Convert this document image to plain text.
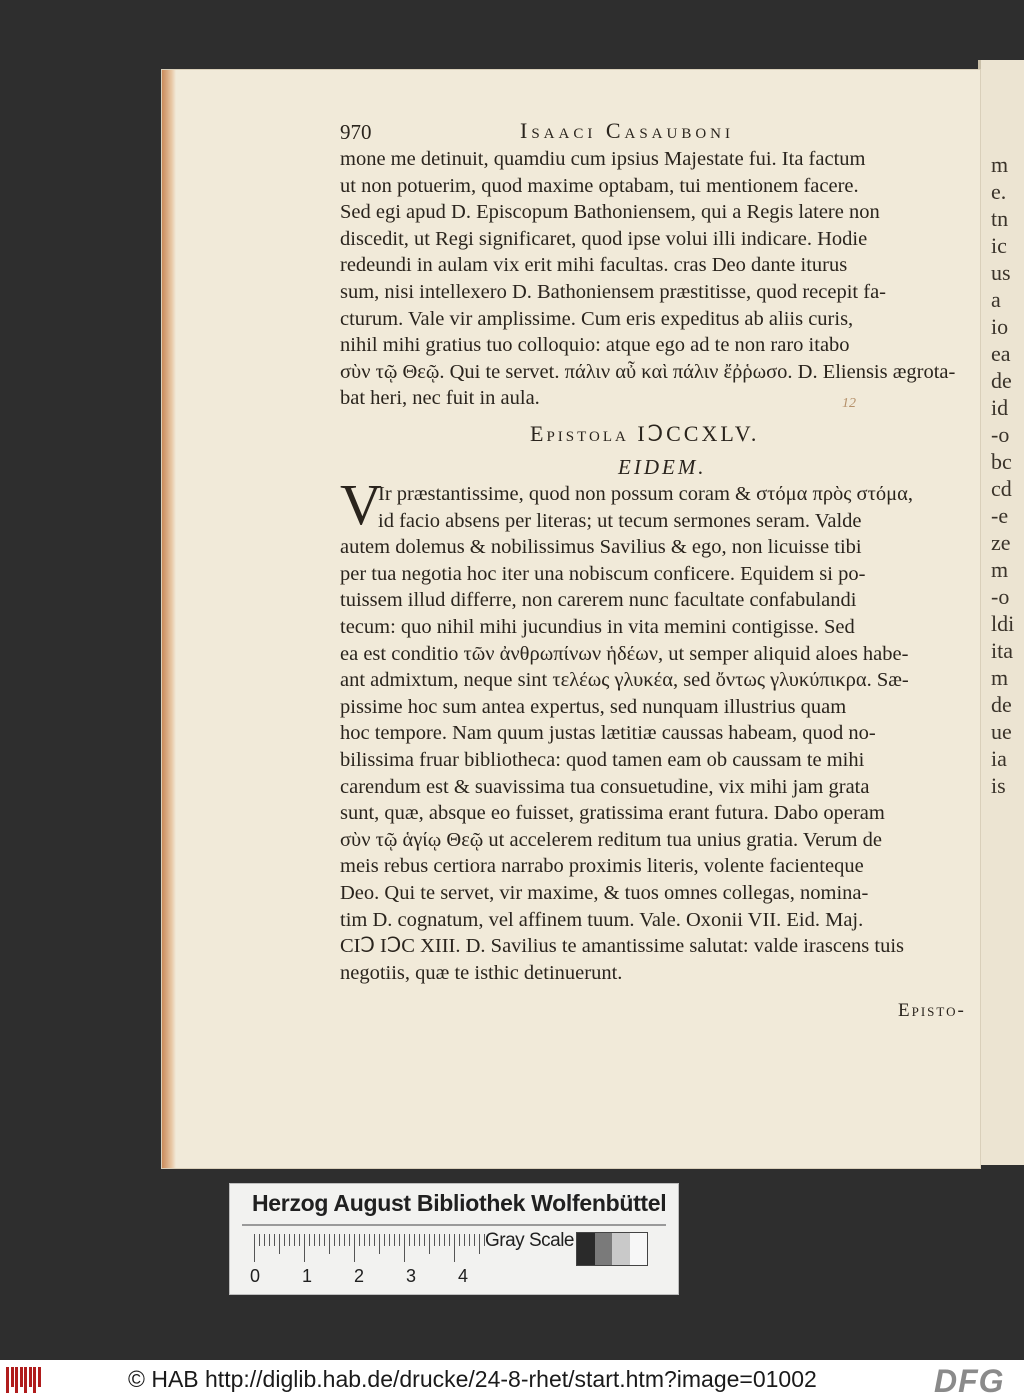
m
e.
tn
ic
us
a
io
ea
de
id
-o
bc
cd
-e
ze
m
-o
ldi
ita
m
de
ue
ia
is
970	Isaaci Casauboni
mone me detinuit, quamdiu cum ipsius Majestate fui. Ita factum
ut non potuerim, quod maxime optabam, tui mentionem facere.
Sed egi apud D. Episcopum Bathoniensem, qui a Regis latere non
discedit, ut Regi significaret, quod ipse volui illi indicare. Hodie
redeundi in aulam vix erit mihi facultas. cras Deo dante iturus
sum, nisi intellexero D. Bathoniensem præstitisse, quod recepit fa-
cturum. Vale vir amplissime. Cum eris expeditus ab aliis curis,
nihil mihi gratius tuo colloquio: atque ego ad te non raro itabo
σὺν τῷ Θεῷ. Qui te servet. πάλιν αὖ καὶ πάλιν ἔῤῥωσο. D. Eliensis ægrota-
bat heri, nec fuit in aula.	12
Epistola IↃCCXLV.
EIDEM.
V
Ir præstantissime, quod non possum coram & στόμα πρὸς στόμα,
id facio absens per literas; ut tecum sermones seram. Valde
autem dolemus & nobilissimus Savilius & ego, non licuisse tibi
per tua negotia hoc iter una nobiscum conficere. Equidem si po-
tuissem illud differre, non carerem nunc facultate confabulandi
tecum: quo nihil mihi jucundius in vita memini contigisse. Sed
ea est conditio τῶν ἀνθρωπίνων ἡδέων, ut semper aliquid aloes habe-
ant admixtum, neque sint τελέως γλυκέα, sed ὄντως γλυκύπικρα. Sæ-
pissime hoc sum antea expertus, sed nunquam illustrius quam
hoc tempore. Nam quum justas lætitiæ caussas habeam, quod no-
bilissima fruar bibliotheca: quod tamen eam ob caussam te mihi
carendum est & suavissima tua consuetudine, vix mihi jam grata
sunt, quæ, absque eo fuisset, gratissima erant futura. Dabo operam
σὺν τῷ ἁγίῳ Θεῷ ut accelerem reditum tua unius gratia. Verum de
meis rebus certiora narrabo proximis literis, volente facienteque
Deo. Qui te servet, vir maxime, & tuos omnes collegas, nomina-
tim D. cognatum, vel affinem tuum. Vale. Oxonii VII. Eid. Maj.
CIↃ IↃC XIII. D. Savilius te amantissime salutat: valde irascens tuis
negotiis, quæ te isthic detinuerunt.
Episto-
Herzog August Bibliothek Wolfenbüttel
0 1 2 3 4
Gray Scale
© HAB http://diglib.hab.de/drucke/24-8-rhet/start.htm?image=01002	DFG
